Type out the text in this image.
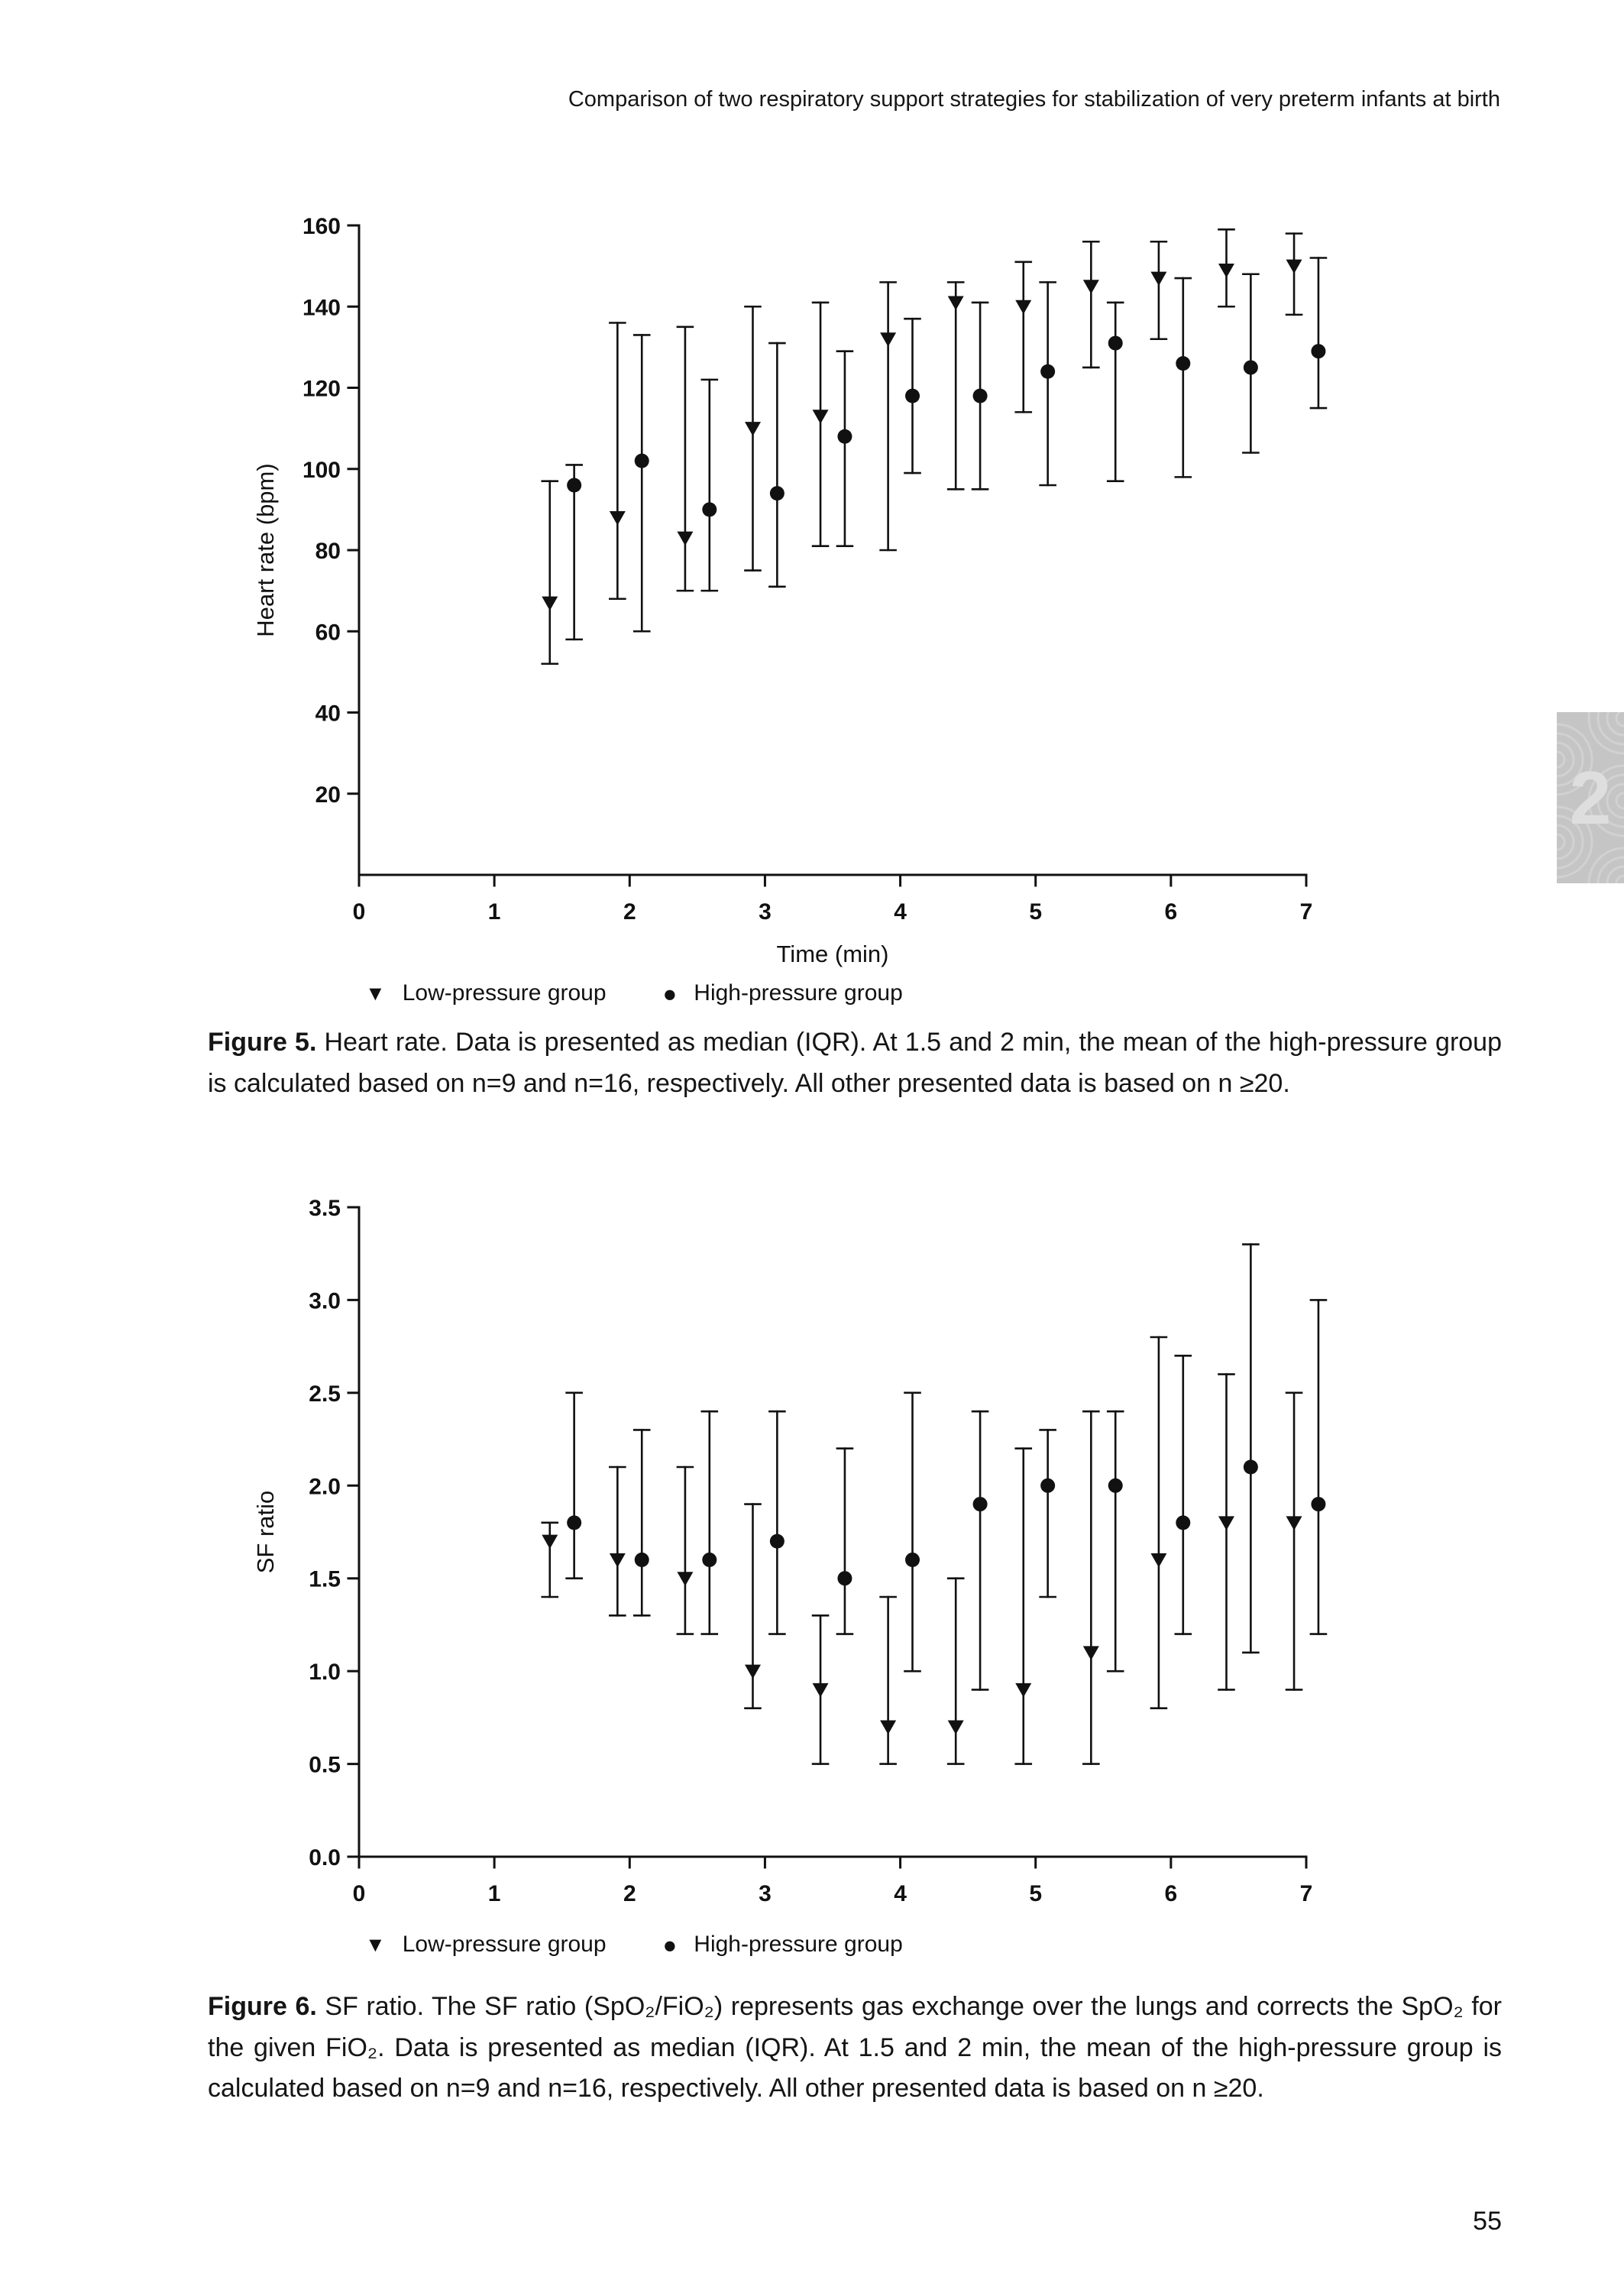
Comparison of two respiratory support strategies for stabilization of very preterm infants at birth
2
20
40
60
80
100
120
140
160
0	1	2	3	4	5	6	7
Time (min)
Heart rate (bpm)
▼ Low-pressure group ● High-pressure group

Figure 5. Heart rate. Data is presented as median (IQR). At 1.5 and 2 min, the mean of the high-pressure group is calculated based on n=9 and n=16, respectively. All other presented data is based on n ≥20.

0.0
0.5
1.0
1.5
2.0
2.5
3.0
3.5
0	1	2	3	4	5	6	7
SF ratio
▼ Low-pressure group ● High-pressure group

Figure 6. SF ratio. The SF ratio (SpO₂/FiO₂) represents gas exchange over the lungs and corrects the SpO₂ for the given FiO₂. Data is presented as median (IQR). At 1.5 and 2 min, the mean of the high-pressure group is calculated based on n=9 and n=16, respectively. All other presented data is based on n ≥20.

55
